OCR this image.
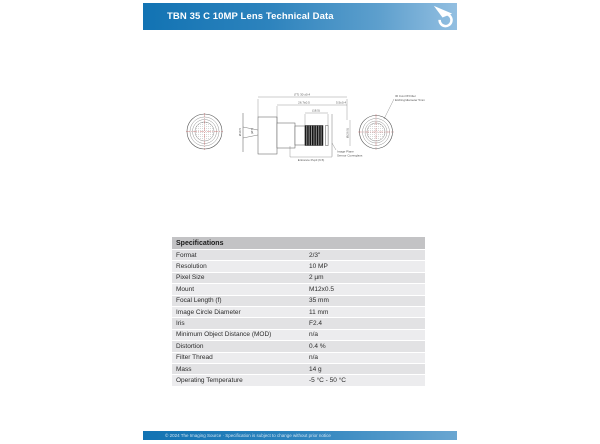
TBN 35 C 10MP Lens Technical Data
(77) 30 ±0.4
26.7±0.5
(18.5)
5.5±0.4
Ø30.5	(Ø7)	Ø(26.5)
Entrance Pupil (6.5)
Image Plane
Sensor Coverglass
IR Cut-Off Filter
Etching/diameter 5mm
Specifications
Format	2/3"
Resolution	10 MP
Pixel Size	2 µm
Mount	M12x0.5
Focal Length (f)	35 mm
Image Circle Diameter	11 mm
Iris	F2.4
Minimum Object Distance (MOD)	n/a
Distortion	0.4 %
Filter Thread	n/a
Mass	14 g
Operating Temperature	-5 °C - 50 °C
© 2024 The Imaging Source · Specification is subject to change without prior notice
